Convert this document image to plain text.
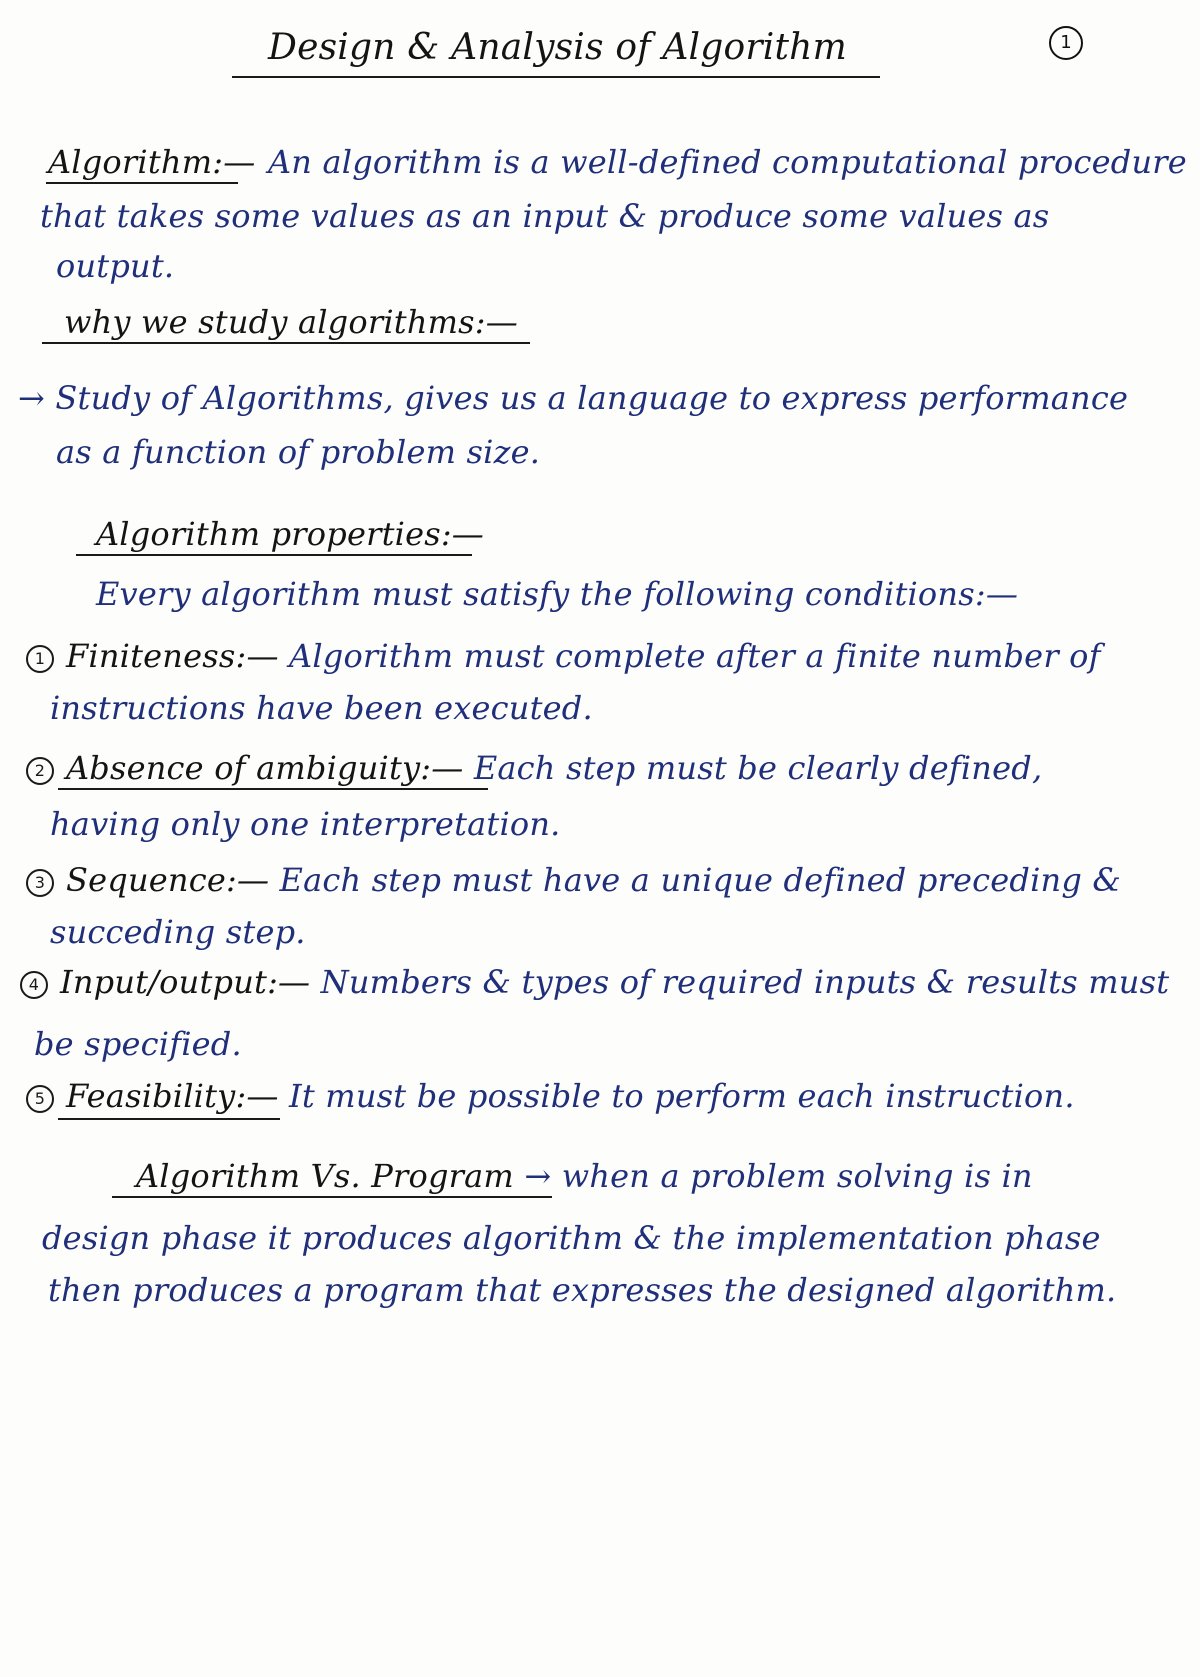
Design & Analysis of Algorithm	1
Algorithm:— An algorithm is a well-defined computational procedure
that takes some values as an input & produce some values as
output.
why we study algorithms:—
→ Study of Algorithms, gives us a language to express performance
as a function of problem size.
Algorithm properties:—
Every algorithm must satisfy the following conditions:—
1 Finiteness:— Algorithm must complete after a finite number of
instructions have been executed.
2 Absence of ambiguity:— Each step must be clearly defined,
having only one interpretation.
3 Sequence:— Each step must have a unique defined preceding &
succeding step.
4 Input/output:— Numbers & types of required inputs & results must
be specified.
5 Feasibility:— It must be possible to perform each instruction.
Algorithm Vs. Program → when a problem solving is in
design phase it produces algorithm & the implementation phase
then produces a program that expresses the designed algorithm.
